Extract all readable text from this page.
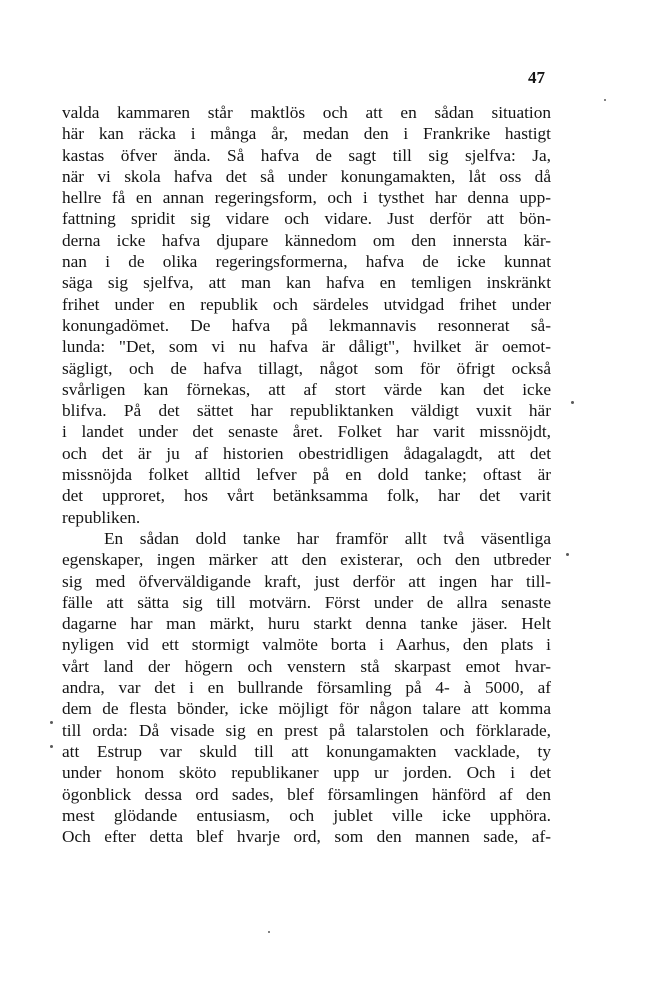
47
valda kammaren står maktlös och att en sådan situation
här kan räcka i många år, medan den i Frankrike hastigt
kastas öfver ända. Så hafva de sagt till sig sjelfva: Ja,
när vi skola hafva det så under konungamakten, låt oss då
hellre få en annan regeringsform, och i tysthet har denna upp-
fattning spridit sig vidare och vidare. Just derför att bön-
derna icke hafva djupare kännedom om den innersta kär-
nan i de olika regeringsformerna, hafva de icke kunnat
säga sig sjelfva, att man kan hafva en temligen inskränkt
frihet under en republik och särdeles utvidgad frihet under
konungadömet. De hafva på lekmannavis resonnerat så-
lunda: "Det, som vi nu hafva är dåligt", hvilket är oemot-
sägligt, och de hafva tillagt, något som för öfrigt också
svårligen kan förnekas, att af stort värde kan det icke
blifva. På det sättet har republiktanken väldigt vuxit här
i landet under det senaste året. Folket har varit missnöjdt,
och det är ju af historien obestridligen ådagalagdt, att det
missnöjda folket alltid lefver på en dold tanke; oftast är
det upproret, hos vårt betänksamma folk, har det varit
republiken.
En sådan dold tanke har framför allt två väsentliga
egenskaper, ingen märker att den existerar, och den utbreder
sig med öfverväldigande kraft, just derför att ingen har till-
fälle att sätta sig till motvärn. Först under de allra senaste
dagarne har man märkt, huru starkt denna tanke jäser. Helt
nyligen vid ett stormigt valmöte borta i Aarhus, den plats i
vårt land der högern och venstern stå skarpast emot hvar-
andra, var det i en bullrande församling på 4- à 5000, af
dem de flesta bönder, icke möjligt för någon talare att komma
till orda: Då visade sig en prest på talarstolen och förklarade,
att Estrup var skuld till att konungamakten vacklade, ty
under honom sköto republikaner upp ur jorden. Och i det
ögonblick dessa ord sades, blef församlingen hänförd af den
mest glödande entusiasm, och jublet ville icke upphöra.
Och efter detta blef hvarje ord, som den mannen sade, af-
